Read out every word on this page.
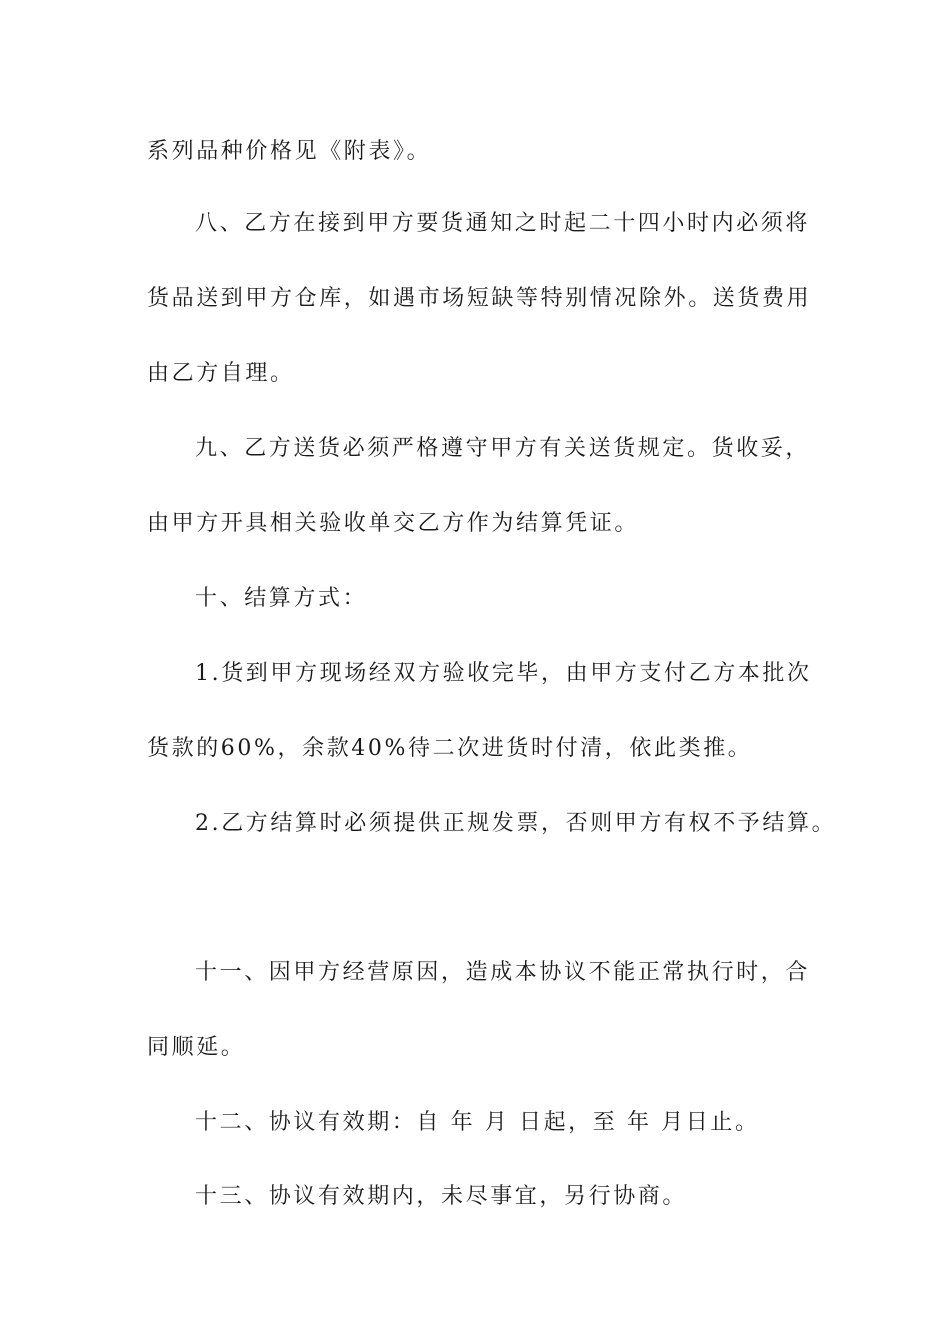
系列品种价格见《附表》。
八、乙方在接到甲方要货通知之时起二十四小时内必须将
货品送到甲方仓库，如遇市场短缺等特别情况除外。送货费用
由乙方自理。
九、乙方送货必须严格遵守甲方有关送货规定。货收妥，
由甲方开具相关验收单交乙方作为结算凭证。
十、结算方式：
1.货到甲方现场经双方验收完毕，由甲方支付乙方本批次
货款的60%，余款40%待二次进货时付清，依此类推。
2.乙方结算时必须提供正规发票，否则甲方有权不予结算。
十一、因甲方经营原因，造成本协议不能正常执行时，合
同顺延。
十二、协议有效期：自 年 月 日起，至 年 月日止。
十三、协议有效期内，未尽事宜，另行协商。
